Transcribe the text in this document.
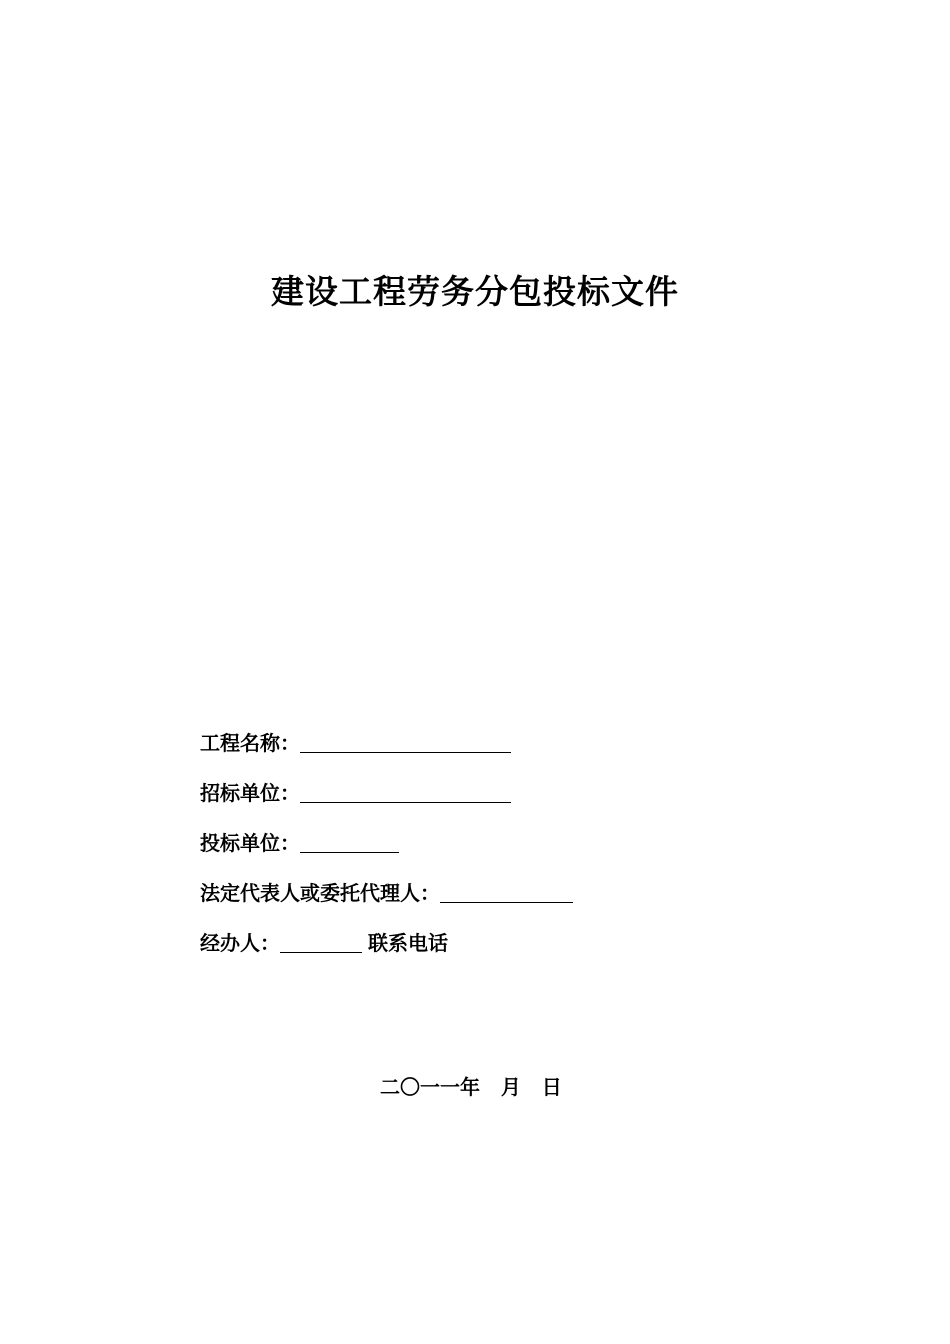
建设工程劳务分包投标文件
工程名称：
招标单位：
投标单位：
法定代表人或委托代理人：
经办人：	联系电话
二〇一一年   月   日
